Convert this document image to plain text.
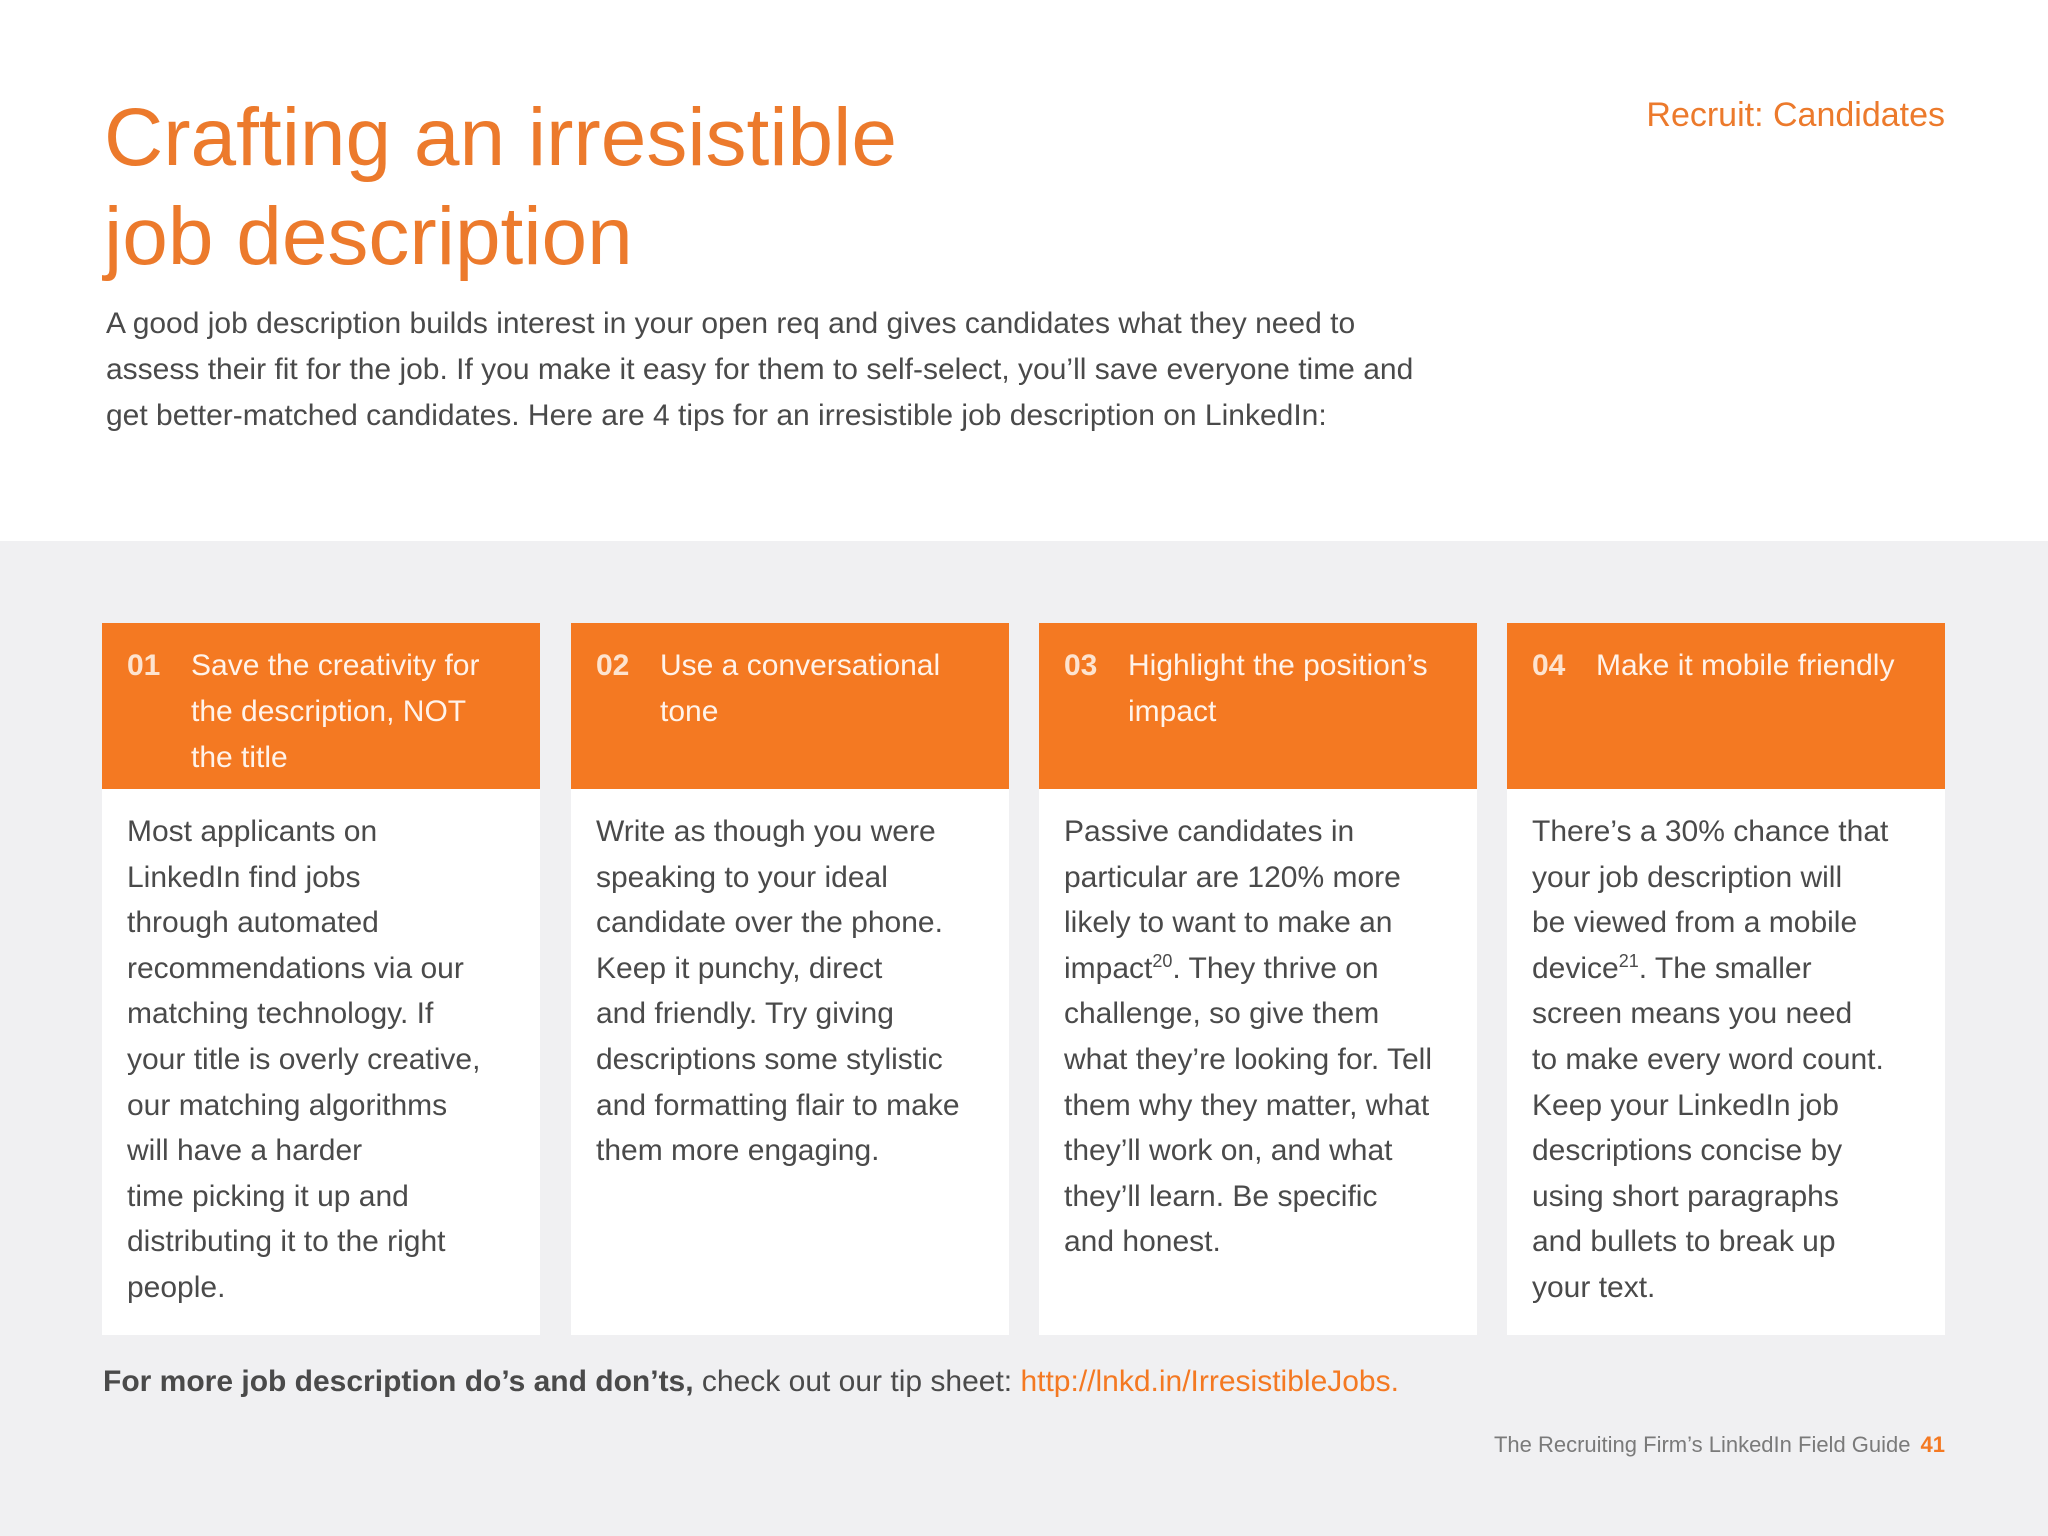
Recruit: Candidates
Crafting an irresistible
job description

A good job description builds interest in your open req and gives candidates what they need to
assess their fit for the job. If you make it easy for them to self-select, you’ll save everyone time and
get better-matched candidates. Here are 4 tips for an irresistible job description on LinkedIn:

01 Save the creativity for
the description, NOT
the title
Most applicants on
LinkedIn find jobs
through automated
recommendations via our
matching technology. If
your title is overly creative,
our matching algorithms
will have a harder
time picking it up and
distributing it to the right
people.
02 Use a conversational
tone
Write as though you were
speaking to your ideal
candidate over the phone.
Keep it punchy, direct
and friendly. Try giving
descriptions some stylistic
and formatting flair to make
them more engaging.
03 Highlight the position’s
impact
Passive candidates in
particular are 120% more
likely to want to make an
impact$^{20}$. They thrive on
challenge, so give them
what they’re looking for. Tell
them why they matter, what
they’ll work on, and what
they’ll learn. Be specific
and honest.
04 Make it mobile friendly
There’s a 30% chance that
your job description will
be viewed from a mobile
device$^{21}$. The smaller
screen means you need
to make every word count.
Keep your LinkedIn job
descriptions concise by
using short paragraphs
and bullets to break up
your text.
For more job description do’s and don’ts, check out our tip sheet: http://lnkd.in/IrresistibleJobs.
The Recruiting Firm’s LinkedIn Field Guide 41
